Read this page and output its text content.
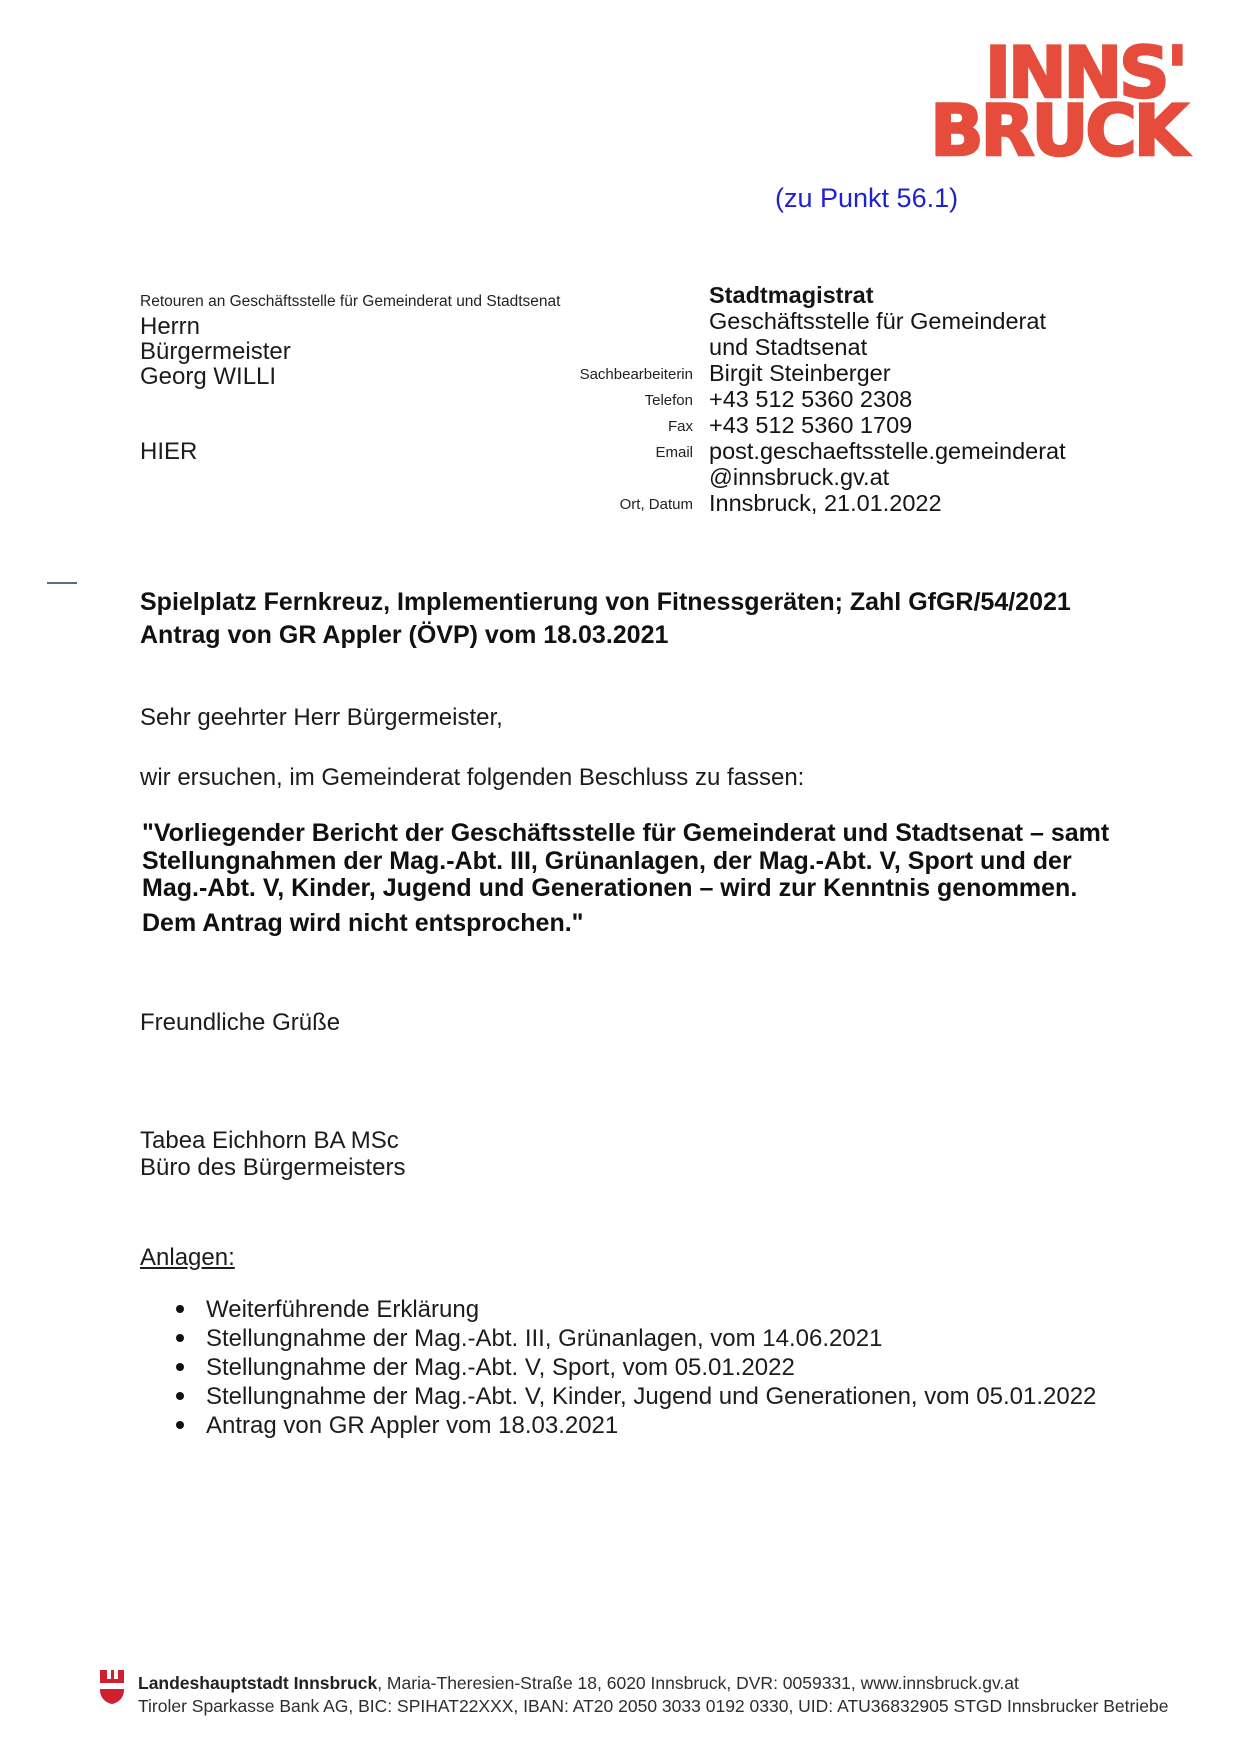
INNS'
BRUCK
(zu Punkt 56.1)
Retouren an Geschäftsstelle für Gemeinderat und Stadtsenat
Herrn
Bürgermeister
Georg WILLI
HIER
Stadtmagistrat
Geschäftsstelle für Gemeinderat
und Stadtsenat
Sachbearbeiterin Birgit Steinberger
Telefon +43 512 5360 2308
Fax +43 512 5360 1709
Email post.geschaeftsstelle.gemeinderat
@innsbruck.gv.at
Ort, Datum Innsbruck, 21.01.2022
Spielplatz Fernkreuz, Implementierung von Fitnessgeräten; Zahl GfGR/54/2021
Antrag von GR Appler (ÖVP) vom 18.03.2021
Sehr geehrter Herr Bürgermeister,
wir ersuchen, im Gemeinderat folgenden Beschluss zu fassen:
"Vorliegender Bericht der Geschäftsstelle für Gemeinderat und Stadtsenat – samt Stellungnahmen der Mag.-Abt. III, Grünanlagen, der Mag.-Abt. V, Sport und der Mag.-Abt. V, Kinder, Jugend und Generationen – wird zur Kenntnis genommen.
Dem Antrag wird nicht entsprochen."
Freundliche Grüße
Tabea Eichhorn BA MSc
Büro des Bürgermeisters
Anlagen:
Weiterführende Erklärung
Stellungnahme der Mag.-Abt. III, Grünanlagen, vom 14.06.2021
Stellungnahme der Mag.-Abt. V, Sport, vom 05.01.2022
Stellungnahme der Mag.-Abt. V, Kinder, Jugend und Generationen, vom 05.01.2022
Antrag von GR Appler vom 18.03.2021
Landeshauptstadt Innsbruck, Maria-Theresien-Straße 18, 6020 Innsbruck, DVR: 0059331, www.innsbruck.gv.at
Tiroler Sparkasse Bank AG, BIC: SPIHAT22XXX, IBAN: AT20 2050 3033 0192 0330, UID: ATU36832905 STGD Innsbrucker Betriebe
